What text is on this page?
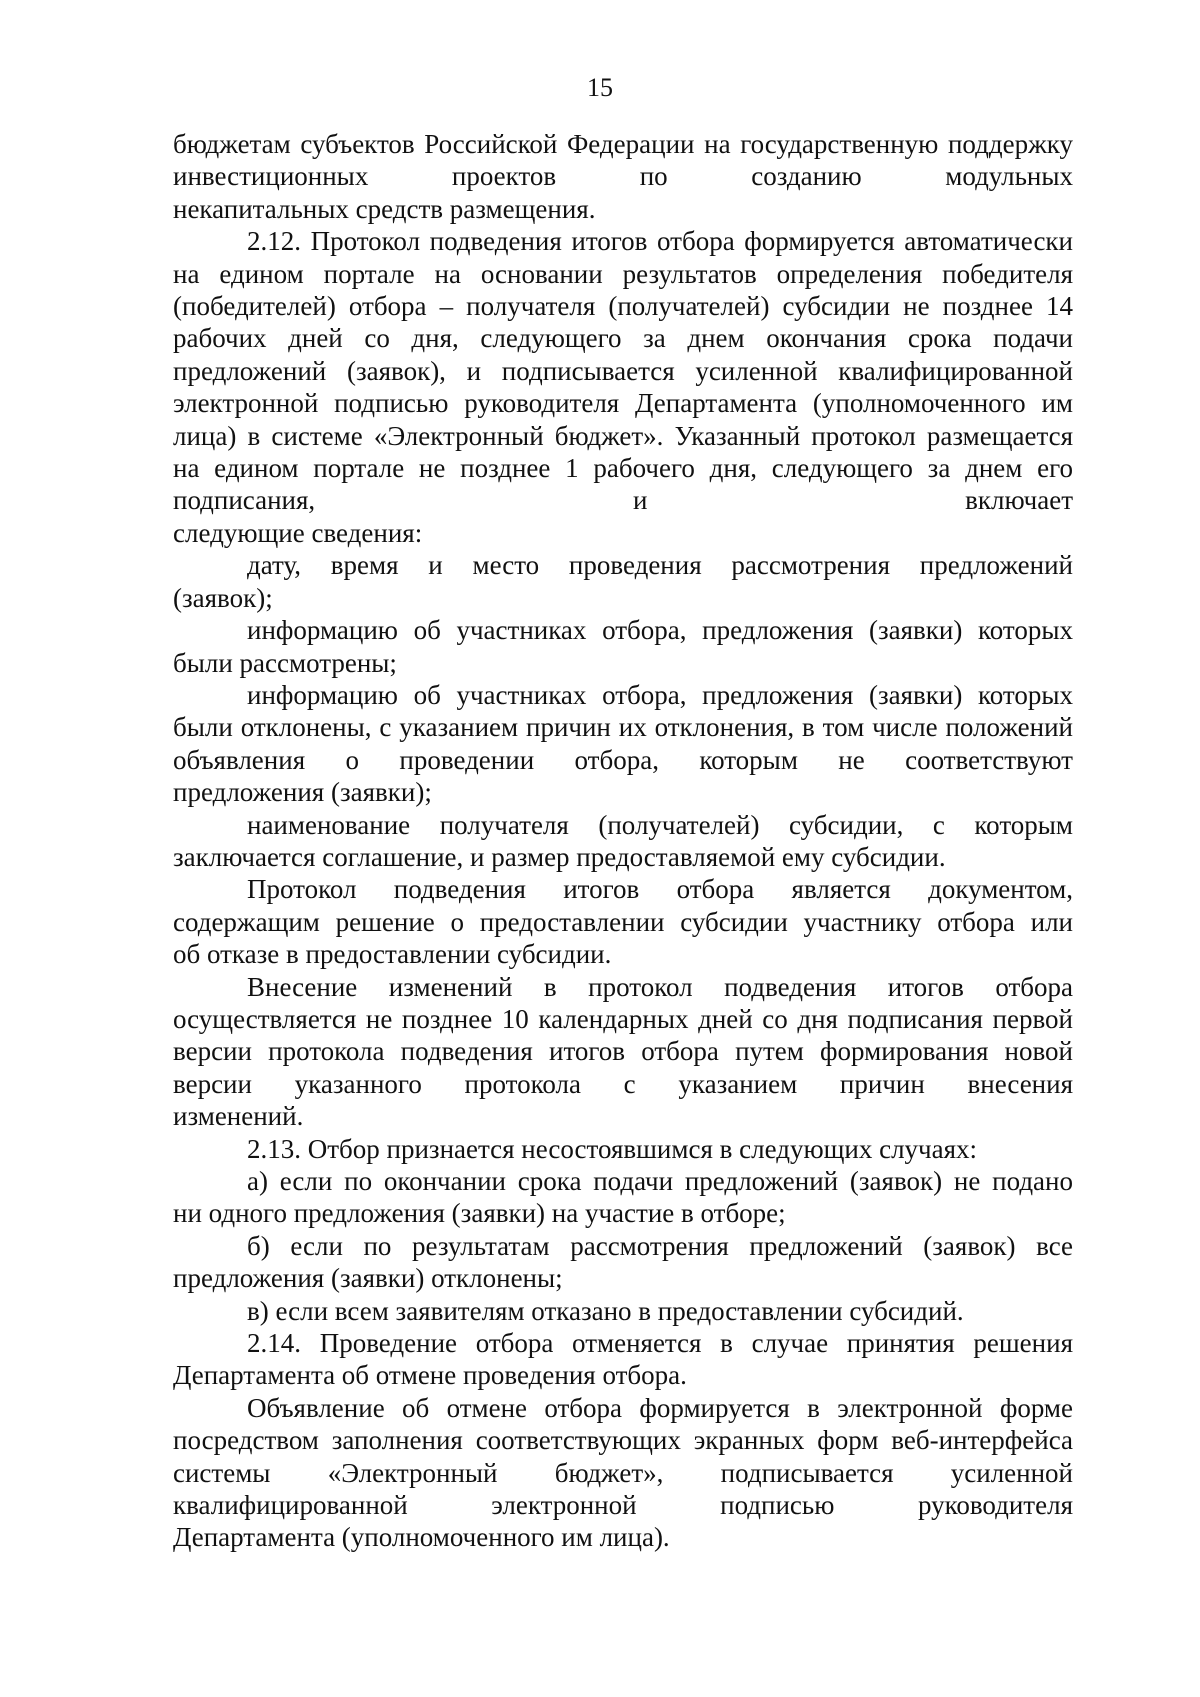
15

бюджетам субъектов Российской Федерации на государственную поддержку инвестиционных проектов по созданию модульных

некапитальных средств размещения.

2.12. Протокол подведения итогов отбора формируется автоматически на едином портале на основании результатов определения победителя (победителей) отбора – получателя (получателей) субсидии не позднее 14 рабочих дней со дня, следующего за днем окончания срока подачи предложений (заявок), и подписывается усиленной квалифицированной электронной подписью руководителя Департамента (уполномоченного им лица) в системе «Электронный бюджет». Указанный протокол размещается на едином портале не позднее 1 рабочего дня, следующего за днем его подписания, и включает

следующие сведения:

дату, время и место проведения рассмотрения предложений

(заявок);

информацию об участниках отбора, предложения (заявки) которых

были рассмотрены;

информацию об участниках отбора, предложения (заявки) которых были отклонены, с указанием причин их отклонения, в том числе положений объявления о проведении отбора, которым не соответствуют

предложения (заявки);

наименование получателя (получателей) субсидии, с которым

заключается соглашение, и размер предоставляемой ему субсидии.

Протокол подведения итогов отбора является документом, содержащим решение о предоставлении субсидии участнику отбора или

об отказе в предоставлении субсидии.

Внесение изменений в протокол подведения итогов отбора осуществляется не позднее 10 календарных дней со дня подписания первой версии протокола подведения итогов отбора путем формирования новой версии указанного протокола с указанием причин внесения

изменений.

2.13. Отбор признается несостоявшимся в следующих случаях:

а) если по окончании срока подачи предложений (заявок) не подано

ни одного предложения (заявки) на участие в отборе;

б) если по результатам рассмотрения предложений (заявок) все

предложения (заявки) отклонены;

в) если всем заявителям отказано в предоставлении субсидий.

2.14. Проведение отбора отменяется в случае принятия решения

Департамента об отмене проведения отбора.

Объявление об отмене отбора формируется в электронной форме посредством заполнения соответствующих экранных форм веб-интерфейса системы «Электронный бюджет», подписывается усиленной квалифицированной электронной подписью руководителя

Департамента (уполномоченного им лица).
